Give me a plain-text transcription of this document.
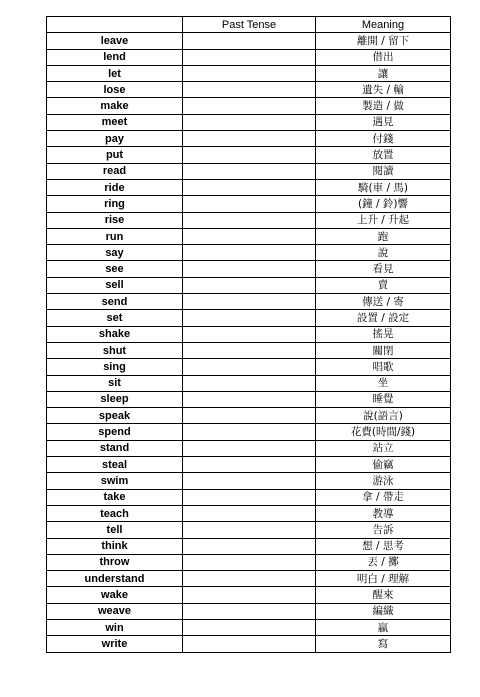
	Past Tense	Meaning
leave		離開 / 留下
lend		借出
let		讓
lose		遺失 / 輸
make		製造 / 做
meet		遇見
pay		付錢
put		放置
read		閱讀
ride		騎(車 / 馬)
ring		(鐘 / 鈴)響
rise		上升 / 升起
run		跑
say		說
see		看見
sell		賣
send		傳送 / 寄
set		設置 / 設定
shake		搖晃
shut		關閉
sing		唱歌
sit		坐
sleep		睡覺
speak		說(語言)
spend		花費(時間/錢)
stand		站立
steal		偷竊
swim		游泳
take		拿 / 帶走
teach		教導
tell		告訴
think		想 / 思考
throw		丟 / 擲
understand		明白 / 理解
wake		醒來
weave		編織
win		贏
write		寫
